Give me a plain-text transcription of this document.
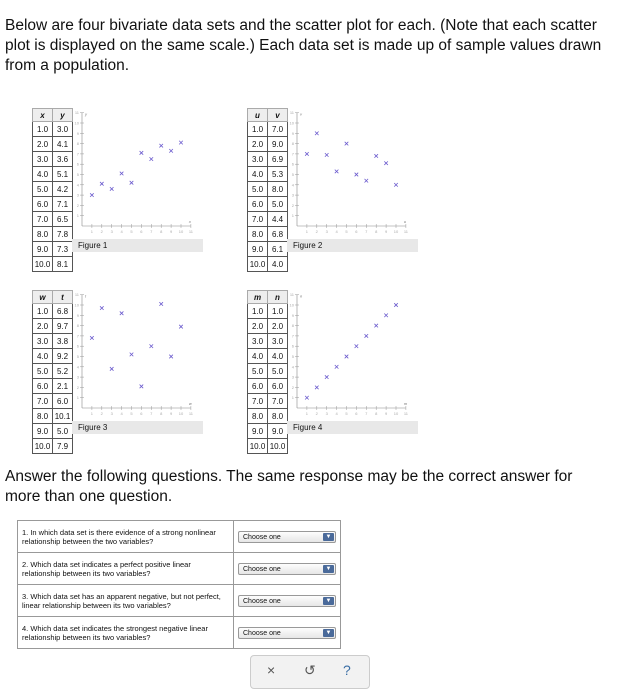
Below are four bivariate data sets and the scatter plot for each. (Note that each scatter plot is displayed on the same scale.) Each data set is made up of sample values drawn from a population.
x	y
1.0	3.0
2.0	4.1
3.0	3.6
4.0	5.1
5.0	4.2
6.0	7.1
7.0	6.5
8.0	7.8
9.0	7.3
10.0	8.1
1
1
2
2
3
3
4
4
5
5
6
6
7
7
8
8
9
9
10
10
11
11
x
y
Figure 1
u	v
1.0	7.0
2.0	9.0
3.0	6.9
4.0	5.3
5.0	8.0
6.0	5.0
7.0	4.4
8.0	6.8
9.0	6.1
10.0	4.0
1
1
2
2
3
3
4
4
5
5
6
6
7
7
8
8
9
9
10
10
11
11
u
v
Figure 2
w	t
1.0	6.8
2.0	9.7
3.0	3.8
4.0	9.2
5.0	5.2
6.0	2.1
7.0	6.0
8.0	10.1
9.0	5.0
10.0	7.9
1
1
2
2
3
3
4
4
5
5
6
6
7
7
8
8
9
9
10
10
11
11
w
t
Figure 3
m	n
1.0	1.0
2.0	2.0
3.0	3.0
4.0	4.0
5.0	5.0
6.0	6.0
7.0	7.0
8.0	8.0
9.0	9.0
10.0	10.0
1
1
2
2
3
3
4
4
5
5
6
6
7
7
8
8
9
9
10
10
11
11
m
n
Figure 4
Answer the following questions. The same response may be the correct answer for more than one question.
1. In which data set is there evidence of a strong nonlinear relationship between the two variables?	Choose one ▼

2. Which data set indicates a perfect positive linear relationship between its two variables?	Choose one ▼

3. Which data set has an apparent negative, but not perfect, linear relationship between its two variables?	Choose one ▼

4. Which data set indicates the strongest negative linear relationship between its two variables?	Choose one ▼
× ↺ ?
